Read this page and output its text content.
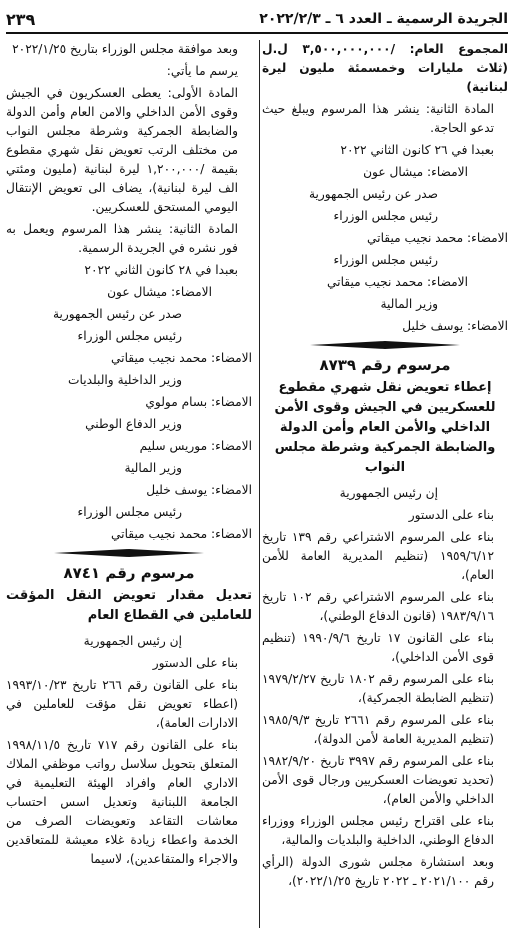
الجريدة الرسمية ـ العدد ٦ ـ ٢٠٢٢/٢/٣
٢٣٩

المجموع العام: /٣,٥٠٠,٠٠٠,٠٠٠ ل.ل (ثلاث مليارات وخمسمئة مليون ليرة لبنانية)

المادة الثانية: ينشر هذا المرسوم ويبلغ حيث تدعو الحاجة.

بعبدا في ٢٦ كانون الثاني ٢٠٢٢

الامضاء: ميشال عون

صدر عن رئيس الجمهورية

رئيس مجلس الوزراء

الامضاء: محمد نجيب ميقاتي

رئيس مجلس الوزراء

الامضاء: محمد نجيب ميقاتي

وزير المالية

الامضاء: يوسف خليل

مرسوم رقم ٨٧٣٩

إعطاء تعويض نقل شهري مقطوع للعسكريين في الجيش وقوى الأمن الداخلي والأمن العام وأمن الدولة والضابطة الجمركية وشرطة مجلس النواب

إن رئيس الجمهورية

بناء على الدستور

بناء على المرسوم الاشتراعي رقم ١٣٩ تاريخ ١٩٥٩/٦/١٢ (تنظيم المديرية العامة للأمن العام)،

بناء على المرسوم الاشتراعي رقم ١٠٢ تاريخ ١٩٨٣/٩/١٦ (قانون الدفاع الوطني)،

بناء على القانون ١٧ تاريخ ١٩٩٠/٩/٦ (تنظيم قوى الأمن الداخلي)،

بناء على المرسوم رقم ١٨٠٢ تاريخ ١٩٧٩/٢/٢٧ (تنظيم الضابطة الجمركية)،

بناء على المرسوم رقم ٢٦٦١ تاريخ ١٩٨٥/٩/٣ (تنظيم المديرية العامة لأمن الدولة)،

بناء على المرسوم رقم ٣٩٩٧ تاريخ ١٩٨٢/٩/٢٠ (تحديد تعويضات العسكريين ورجال قوى الأمن الداخلي والأمن العام)،

بناء على اقتراح رئيس مجلس الوزراء ووزراء الدفاع الوطني، الداخلية والبلديات والمالية،

وبعد استشارة مجلس شورى الدولة (الرأي رقم ٢٠٢١/١٠٠ ـ ٢٠٢٢ تاريخ ٢٠٢٢/١/٢٥)،

وبعد موافقة مجلس الوزراء بتاريخ ٢٠٢٢/١/٢٥

يرسم ما يأتي:

المادة الأولى: يعطى العسكريون في الجيش وقوى الأمن الداخلي والامن العام وأمن الدولة والضابطة الجمركية وشرطة مجلس النواب من مختلف الرتب تعويض نقل شهري مقطوع بقيمة /١,٢٠٠,٠٠٠ ليرة لبنانية (مليون ومئتي الف ليرة لبنانية)، يضاف الى تعويض الإنتقال اليومي المستحق للعسكريين.

المادة الثانية: ينشر هذا المرسوم ويعمل به فور نشره في الجريدة الرسمية.

بعبدا في ٢٨ كانون الثاني ٢٠٢٢

الامضاء: ميشال عون

صدر عن رئيس الجمهورية

رئيس مجلس الوزراء

الامضاء: محمد نجيب ميقاتي

وزير الداخلية والبلديات

الامضاء: بسام مولوي

وزير الدفاع الوطني

الامضاء: موريس سليم

وزير المالية

الامضاء: يوسف خليل

رئيس مجلس الوزراء

الامضاء: محمد نجيب ميقاتي

مرسوم رقم ٨٧٤١

تعديل مقدار تعويض النقل المؤقت للعاملين في القطاع العام

إن رئيس الجمهورية

بناء على الدستور

بناء على القانون رقم ٢٦٦ تاريخ ١٩٩٣/١٠/٢٣ (اعطاء تعويض نقل مؤقت للعاملين في الادارات العامة)،

بناء على القانون رقم ٧١٧ تاريخ ١٩٩٨/١١/٥ المتعلق بتحويل سلاسل رواتب موظفي الملاك الاداري العام وافراد الهيئة التعليمية في الجامعة اللبنانية وتعديل اسس احتساب معاشات التقاعد وتعويضات الصرف من الخدمة واعطاء زيادة غلاء معيشة للمتعاقدين والاجراء والمتقاعدين)، لاسيما
